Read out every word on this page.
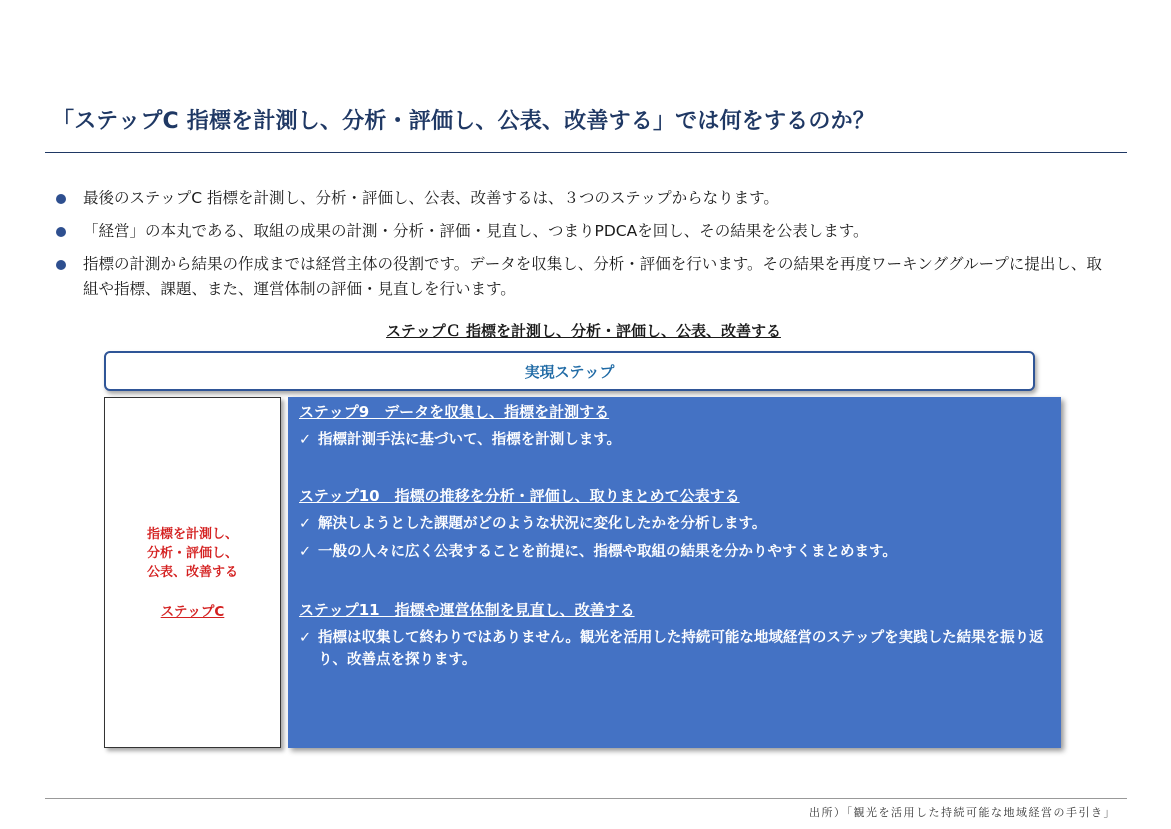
「ステップC 指標を計測し、分析・評価し、公表、改善する」では何をするのか？
最後のステップC 指標を計測し、分析・評価し、公表、改善するは、３つのステップからなります。
「経営」の本丸である、取組の成果の計測・分析・評価・見直し、つまりPDCAを回し、その結果を公表します。
指標の計測から結果の作成までは経営主体の役割です。データを収集し、分析・評価を行います。その結果を再度ワーキンググループに提出し、取組や指標、課題、また、運営体制の評価・見直しを行います。
ステップＣ 指標を計測し、分析・評価し、公表、改善する
実現ステップ
指標を計測し、
分析・評価し、
公表、改善する
ステップC
ステップ9　データを収集し、指標を計測する
✓ 指標計測手法に基づいて、指標を計測します。
ステップ10　指標の推移を分析・評価し、取りまとめて公表する
✓ 解決しようとした課題がどのような状況に変化したかを分析します。
✓ 一般の人々に広く公表することを前提に、指標や取組の結果を分かりやすくまとめます。
ステップ11　指標や運営体制を見直し、改善する
✓ 指標は収集して終わりではありません。観光を活用した持続可能な地域経営のステップを実践した結果を振り返り、改善点を探ります。
出所）「観光を活用した持続可能な地域経営の手引き」
